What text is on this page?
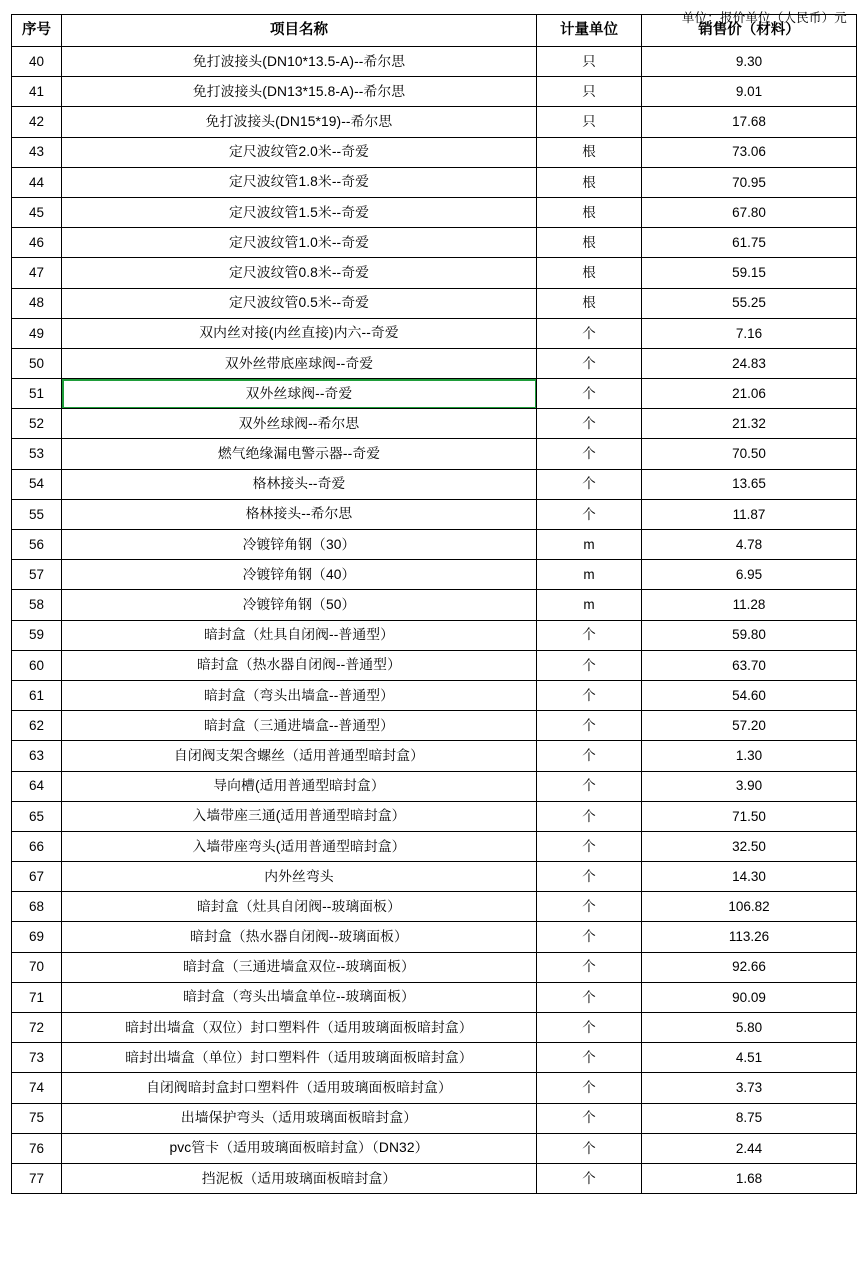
单位：报价单位（人民币）元
序号	项目名称	计量单位	销售价（材料）
40	免打波接头(DN10*13.5-A)--希尔思	只	9.30
41	免打波接头(DN13*15.8-A)--希尔思	只	9.01
42	免打波接头(DN15*19)--希尔思	只	17.68
43	定尺波纹管2.0米--奇爱	根	73.06
44	定尺波纹管1.8米--奇爱	根	70.95
45	定尺波纹管1.5米--奇爱	根	67.80
46	定尺波纹管1.0米--奇爱	根	61.75
47	定尺波纹管0.8米--奇爱	根	59.15
48	定尺波纹管0.5米--奇爱	根	55.25
49	双内丝对接(内丝直接)内六--奇爱	个	7.16
50	双外丝带底座球阀--奇爱	个	24.83
51	双外丝球阀--奇爱	个	21.06
52	双外丝球阀--希尔思	个	21.32
53	燃气绝缘漏电警示器--奇爱	个	70.50
54	格林接头--奇爱	个	13.65
55	格林接头--希尔思	个	11.87
56	冷镀锌角钢（30）	m	4.78
57	冷镀锌角钢（40）	m	6.95
58	冷镀锌角钢（50）	m	11.28
59	暗封盒（灶具自闭阀--普通型）	个	59.80
60	暗封盒（热水器自闭阀--普通型）	个	63.70
61	暗封盒（弯头出墙盒--普通型）	个	54.60
62	暗封盒（三通进墙盒--普通型）	个	57.20
63	自闭阀支架含螺丝（适用普通型暗封盒）	个	1.30
64	导向槽(适用普通型暗封盒）	个	3.90
65	入墙带座三通(适用普通型暗封盒）	个	71.50
66	入墙带座弯头(适用普通型暗封盒）	个	32.50
67	内外丝弯头	个	14.30
68	暗封盒（灶具自闭阀--玻璃面板）	个	106.82
69	暗封盒（热水器自闭阀--玻璃面板）	个	113.26
70	暗封盒（三通进墙盒双位--玻璃面板）	个	92.66
71	暗封盒（弯头出墙盒单位--玻璃面板）	个	90.09
72	暗封出墙盒（双位）封口塑料件（适用玻璃面板暗封盒）	个	5.80
73	暗封出墙盒（单位）封口塑料件（适用玻璃面板暗封盒）	个	4.51
74	自闭阀暗封盒封口塑料件（适用玻璃面板暗封盒）	个	3.73
75	出墙保护弯头（适用玻璃面板暗封盒）	个	8.75
76	pvc管卡（适用玻璃面板暗封盒）（DN32）	个	2.44
77	挡泥板（适用玻璃面板暗封盒）	个	1.68
